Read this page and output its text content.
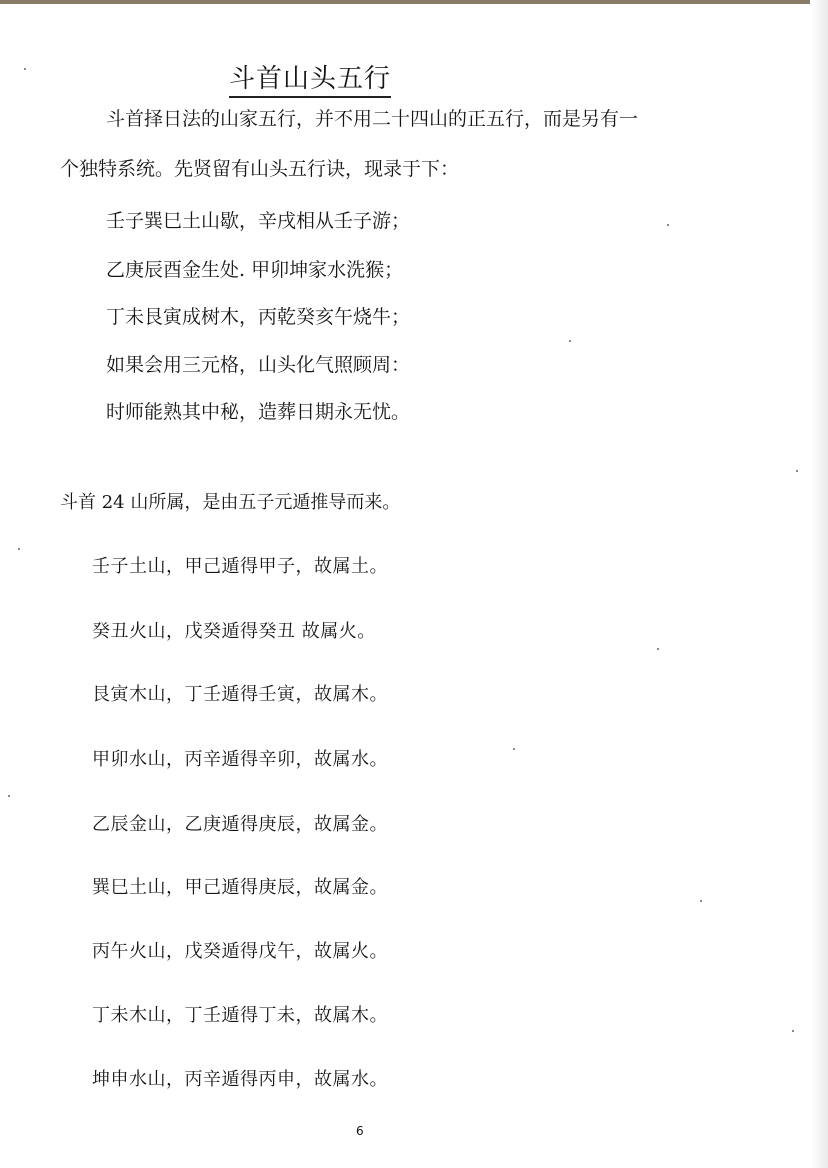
斗首山头五行

斗首择日法的山家五行，并不用二十四山的正五行，而是另有一
个独特系统。先贤留有山头五行诀，现录于下：

壬子巽巳土山歇，辛戌相从壬子游；
乙庚辰酉金生处. 甲卯坤家水洗猴；
丁未艮寅成树木，丙乾癸亥午烧牛；
如果会用三元格，山头化气照顾周：
时师能熟其中秘，造葬日期永无忧。
斗首 24 山所属，是由五子元遁推导而来。
壬子土山，甲己遁得甲子，故属土。
癸丑火山，戊癸遁得癸丑 故属火。
艮寅木山，丁壬遁得壬寅，故属木。
甲卯水山，丙辛遁得辛卯，故属水。
乙辰金山，乙庚遁得庚辰，故属金。
巽巳土山，甲己遁得庚辰，故属金。
丙午火山，戊癸遁得戊午，故属火。
丁未木山，丁壬遁得丁未，故属木。
坤申水山，丙辛遁得丙申，故属水。
6
